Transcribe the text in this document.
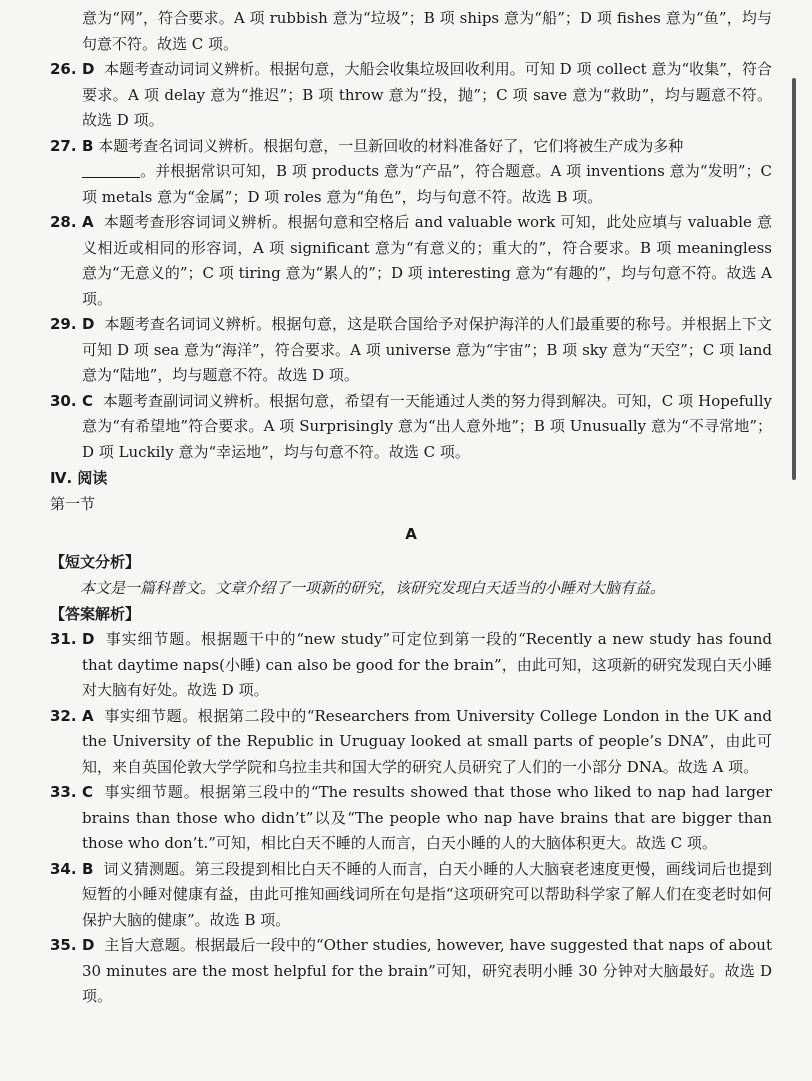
意为“网”，符合要求。A 项 rubbish 意为“垃圾”；B 项 ships 意为“船”；D 项 fishes 意为“鱼”，均与句意不符。故选 C 项。

26. D 本题考查动词词义辨析。根据句意，大船会收集垃圾回收利用。可知 D 项 collect 意为“收集”，符合要求。A 项 delay 意为“推迟”；B 项 throw 意为“投，抛”；C 项 save 意为“救助”，均与题意不符。故选 D 项。

27. B 本题考查名词词义辨析。根据句意，一旦新回收的材料准备好了，它们将被生产成为多种
。并根据常识可知，B 项 products 意为“产品”，符合题意。A 项 inventions 意为“发明”；C 项 metals 意为“金属”；D 项 roles 意为“角色”，均与句意不符。故选 B 项。

28. A 本题考查形容词词义辨析。根据句意和空格后 and valuable work 可知，此处应填与 valuable 意义相近或相同的形容词，A 项 significant 意为“有意义的；重大的”，符合要求。B 项 meaningless 意为“无意义的”；C 项 tiring 意为“累人的”；D 项 interesting 意为“有趣的”，均与句意不符。故选 A 项。

29. D 本题考查名词词义辨析。根据句意，这是联合国给予对保护海洋的人们最重要的称号。并根据上下文可知 D 项 sea 意为“海洋”，符合要求。A 项 universe 意为“宇宙”；B 项 sky 意为“天空”；C 项 land 意为“陆地”，均与题意不符。故选 D 项。

30. C 本题考查副词词义辨析。根据句意，希望有一天能通过人类的努力得到解决。可知，C 项 Hopefully 意为“有希望地”符合要求。A 项 Surprisingly 意为“出人意外地”；B 项 Unusually 意为“不寻常地”；D 项 Luckily 意为“幸运地”，均与句意不符。故选 C 项。

Ⅳ. 阅读

第一节

A

【短文分析】

本文是一篇科普文。文章介绍了一项新的研究，该研究发现白天适当的小睡对大脑有益。

【答案解析】

31. D 事实细节题。根据题干中的“new study”可定位到第一段的“Recently a new study has found that daytime naps(小睡) can also be good for the brain”，由此可知，这项新的研究发现白天小睡对大脑有好处。故选 D 项。

32. A 事实细节题。根据第二段中的“Researchers from University College London in the UK and the University of the Republic in Uruguay looked at small parts of people’s DNA”，由此可知，来自英国伦敦大学学院和乌拉圭共和国大学的研究人员研究了人们的一小部分 DNA。故选 A 项。

33. C 事实细节题。根据第三段中的“The results showed that those who liked to nap had larger brains than those who didn’t”以及“The people who nap have brains that are bigger than those who don’t.”可知，相比白天不睡的人而言，白天小睡的人的大脑体积更大。故选 C 项。

34. B 词义猜测题。第三段提到相比白天不睡的人而言，白天小睡的人大脑衰老速度更慢，画线词后也提到短暂的小睡对健康有益，由此可推知画线词所在句是指“这项研究可以帮助科学家了解人们在变老时如何保护大脑的健康”。故选 B 项。

35. D 主旨大意题。根据最后一段中的“Other studies, however, have suggested that naps of about 30 minutes are the most helpful for the brain”可知，研究表明小睡 30 分钟对大脑最好。故选 D 项。
